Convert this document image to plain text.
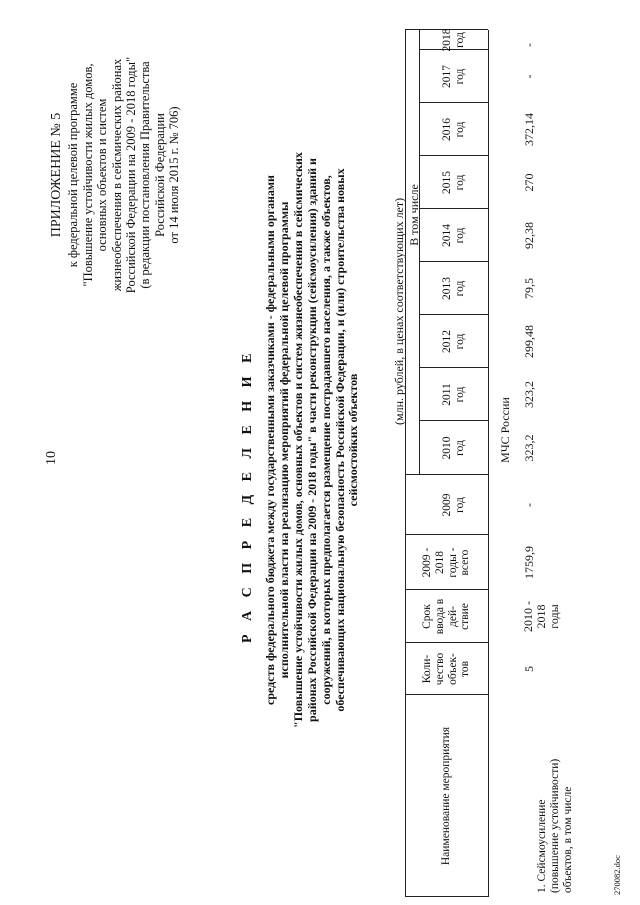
10
ПРИЛОЖЕНИЕ № 5 к федеральной целевой программе "Повышение устойчивости жилых домов, основных объектов и систем жизнеобеспечения в сейсмических районах Российской Федерации на 2009 - 2018 годы" (в редакции постановления Правительства Российской Федерации от 14 июля 2015 г. № 706)
Р А С П Р Е Д Е Л Е Н И Е средств федерального бюджета между государственными заказчиками - федеральными органами исполнительной власти на реализацию мероприятий федеральной целевой программы "Повышение устойчивости жилых домов, основных объектов и систем жизнеобеспечения в сейсмических районах Российской Федерации на 2009 - 2018 годы" в части реконструкции (сейсмоусиления) зданий и сооружений, в которых предполагается размещение пострадавшего населения, а также объектов, обеспечивающих национальную безопасность Российской Федерации, и (или) строительства новых сейсмостойких объектов
(млн. рублей, в ценах соответствующих лет)
Наименование мероприятия
Коли-
чество
объек-
тов
Срок
ввода в
дей-
ствие
2009 -
2018
годы -
всего
В том числе
2009
год
2010
год
2011
год
2012
год
2013
год
2014
год
2015
год
2016
год
2017
год
2018
год
МЧС России
1. Сейсмоусиление
(повышение устойчивости)
объектов, в том числе
5
2010 -
2018
годы
1759,9
-
323,2
323,2
299,48
79,5
92,38
270
372,14
-
-
270082.doc
